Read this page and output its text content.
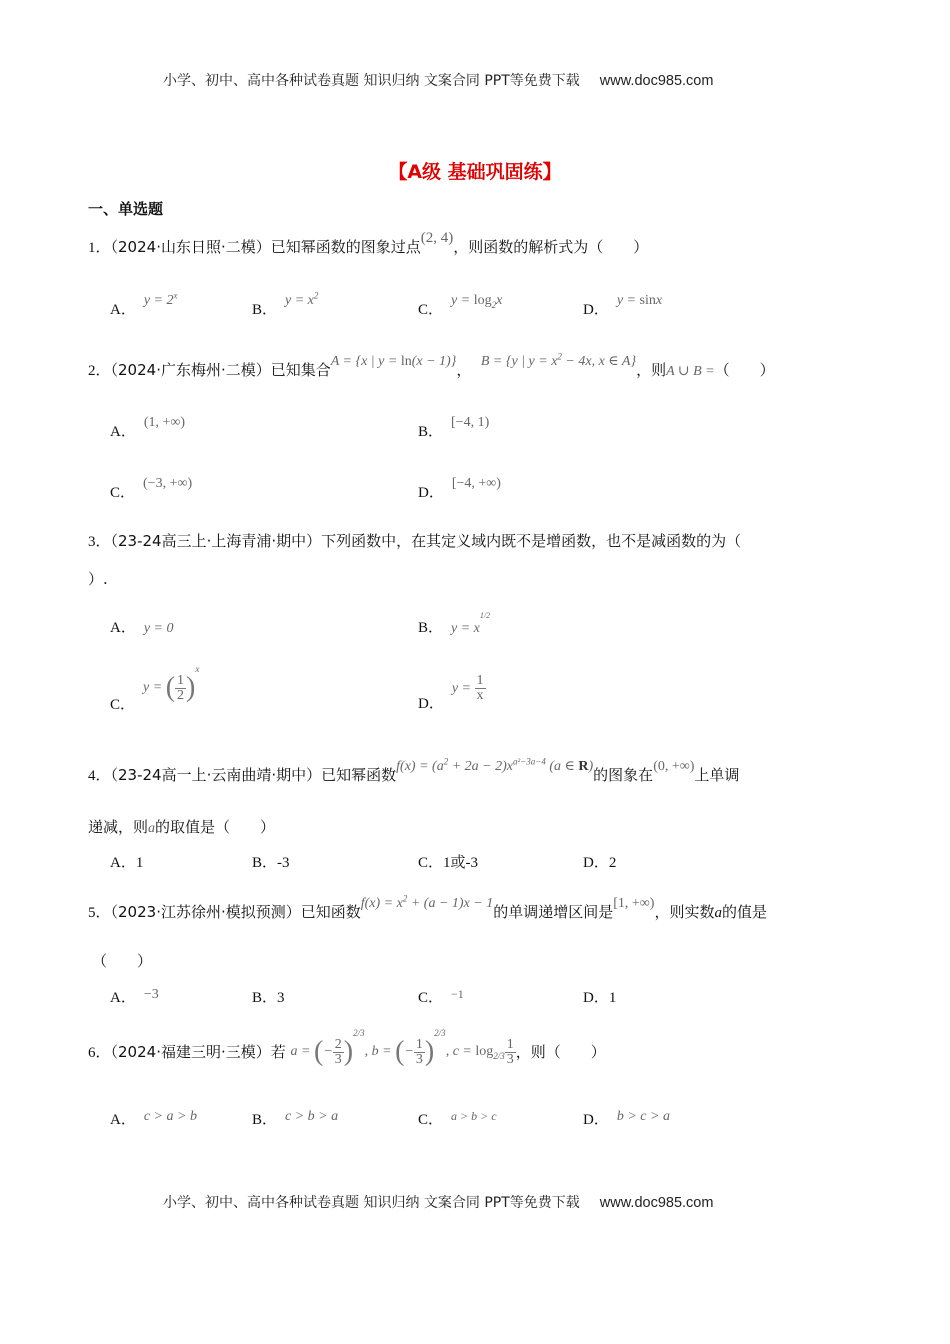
小学、初中、高中各种试卷真题 知识归纳 文案合同 PPT等免费下载 www.doc985.com
【A级 基础巩固练】
一、单选题
1．（2024·山东日照·二模）已知幂函数的图象过点(2, 4)，则函数的解析式为（　　）
A．$y = 2^x$
B．$y = x^2$
C．$y = \log_2x$
D．y = sinx
2．（2024·广东梅州·二模）已知集合A = {x | y = ln(x − 1)}， B = {y | $y = x^2 - 4x$, x ∈ A}，则A ∪ B =（　　）
A．(1, +∞)
B．[−4, 1)
C．(−3, +∞)
D．[−4, +∞)
3．（23-24高三上·上海青浦·期中）下列函数中，在其定义域内既不是增函数，也不是减函数的为（
）.
A． y = 0	B． $y = x^{1/2}$
C．y = ( $\frac{1}{2} )^x$
D．$y = \frac{1}{x}$
4．（23-24高一上·云南曲靖·期中）已知幂函数$f(x) = (a^2 + 2a - 2)x^{a^2-3a-4}$ (a ∈ R)的图象在(0, +∞)上单调
递减，则a的取值是（　　）
A．1	B．-3	C．1或-3	D．2
5．（2023·江苏徐州·模拟预测）已知函数$f(x) = x^2 + (a - 1)x - 1$的单调递增区间是[1, +∞)，则实数a的值是
（　　）
A． −3	B．3	C． $^{-1}$	D．1
6．（2024·福建三明·三模）若 a = (− $\frac{2}{3} )^{2/3}$, b = (− $\frac{1}{3} )^{2/3}$, $c = \log_{2/3} \frac{1}{3}$ ，则（　　）
A． c > a > b	B． c > b > a	C． $^{a > b > c}$	D． b > c > a
小学、初中、高中各种试卷真题 知识归纳 文案合同 PPT等免费下载 www.doc985.com
